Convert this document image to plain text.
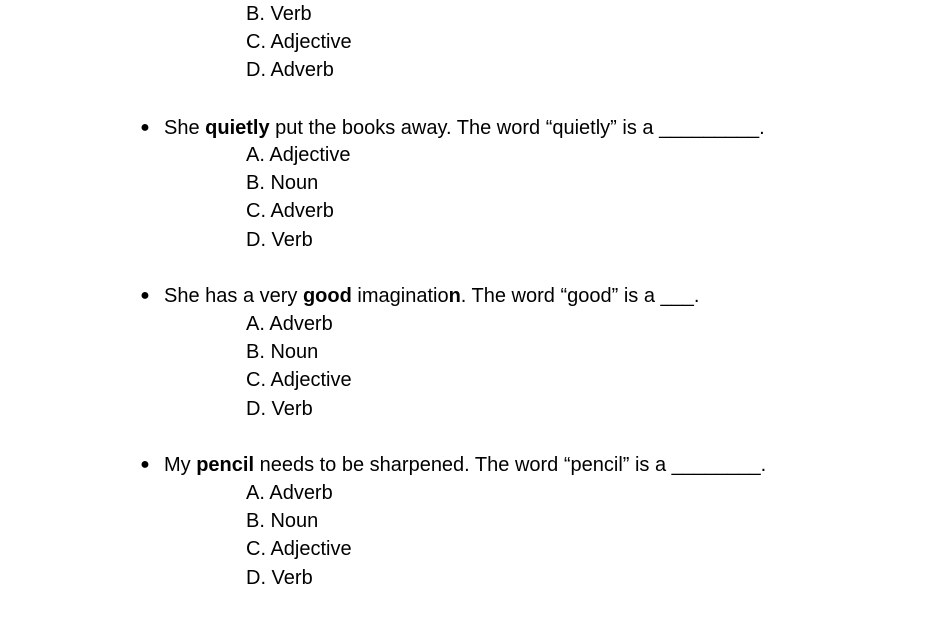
B. Verb
C. Adjective
D. Adverb
● She quietly put the books away. The word “quietly” is a _________.
A. Adjective
B. Noun
C. Adverb
D. Verb
● She has a very good imagination. The word “good” is a ___.
A. Adverb
B. Noun
C. Adjective
D. Verb
● My pencil needs to be sharpened. The word “pencil” is a ________.
A. Adverb
B. Noun
C. Adjective
D. Verb
